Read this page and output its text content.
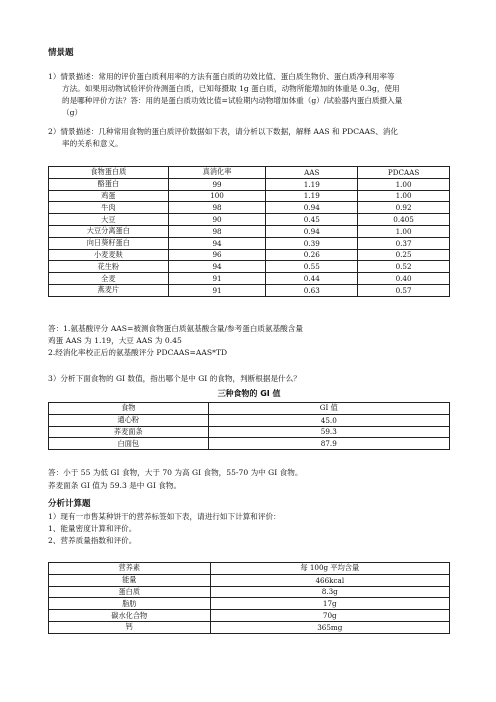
情景题
1）情景描述：常用的评价蛋白质利用率的方法有蛋白质的功效比值、蛋白质生物价、蛋白质净利用率等
方法。如果用动物试验评价待测蛋白质，已知每摄取 1g 蛋白质，动物所能增加的体重是 0.3g，使用
的是哪种评价方法？答：用的是蛋白质功效比值=试验期内动物增加体重（g）/试验器内蛋白质摄入量
（g）
2）情景描述：几种常用食物的蛋白质评价数据如下表，请分析以下数据，解释 AAS 和 PDCAAS、消化
率的关系和意义。
食物蛋白质	真消化率	AAS	PDCAAS
酪蛋白	99	1.19	1.00
鸡蛋	100	1.19	1.00
牛肉	98	0.94	0.92
大豆	90	0.45	0.405
大豆分离蛋白	98	0.94	1.00
向日葵籽蛋白	94	0.39	0.37
小麦麦麸	96	0.26	0.25
花生粉	94	0.55	0.52
全麦	91	0.44	0.40
燕麦片	91	0.63	0.57
答：1.氨基酸评分 AAS=被测食物蛋白质氨基酸含量/参考蛋白质氨基酸含量
鸡蛋 AAS 为 1.19，大豆 AAS 为 0.45
2.经消化率校正后的氨基酸评分 PDCAAS=AAS*TD
3）分析下面食物的 GI 数值，指出哪个是中 GI 的食物，判断根据是什么？
三种食物的 GI 值
食物	GI 值
通心粉	45.0
荞麦面条	59.3
白面包	87.9
答：小于 55 为低 GI 食物，大于 70 为高 GI 食物，55-70 为中 GI 食物。
荞麦面条 GI 值为 59.3 是中 GI 食物。
分析计算题
1）现有一市售某种饼干的营养标签如下表，请进行如下计算和评价：
1、能量密度计算和评价。
2、营养质量指数和评价。
营养素	每 100g 平均含量
能量	466kcal
蛋白质	8.3g
脂肪	17g
碳水化合物	70g
钙	365mg
